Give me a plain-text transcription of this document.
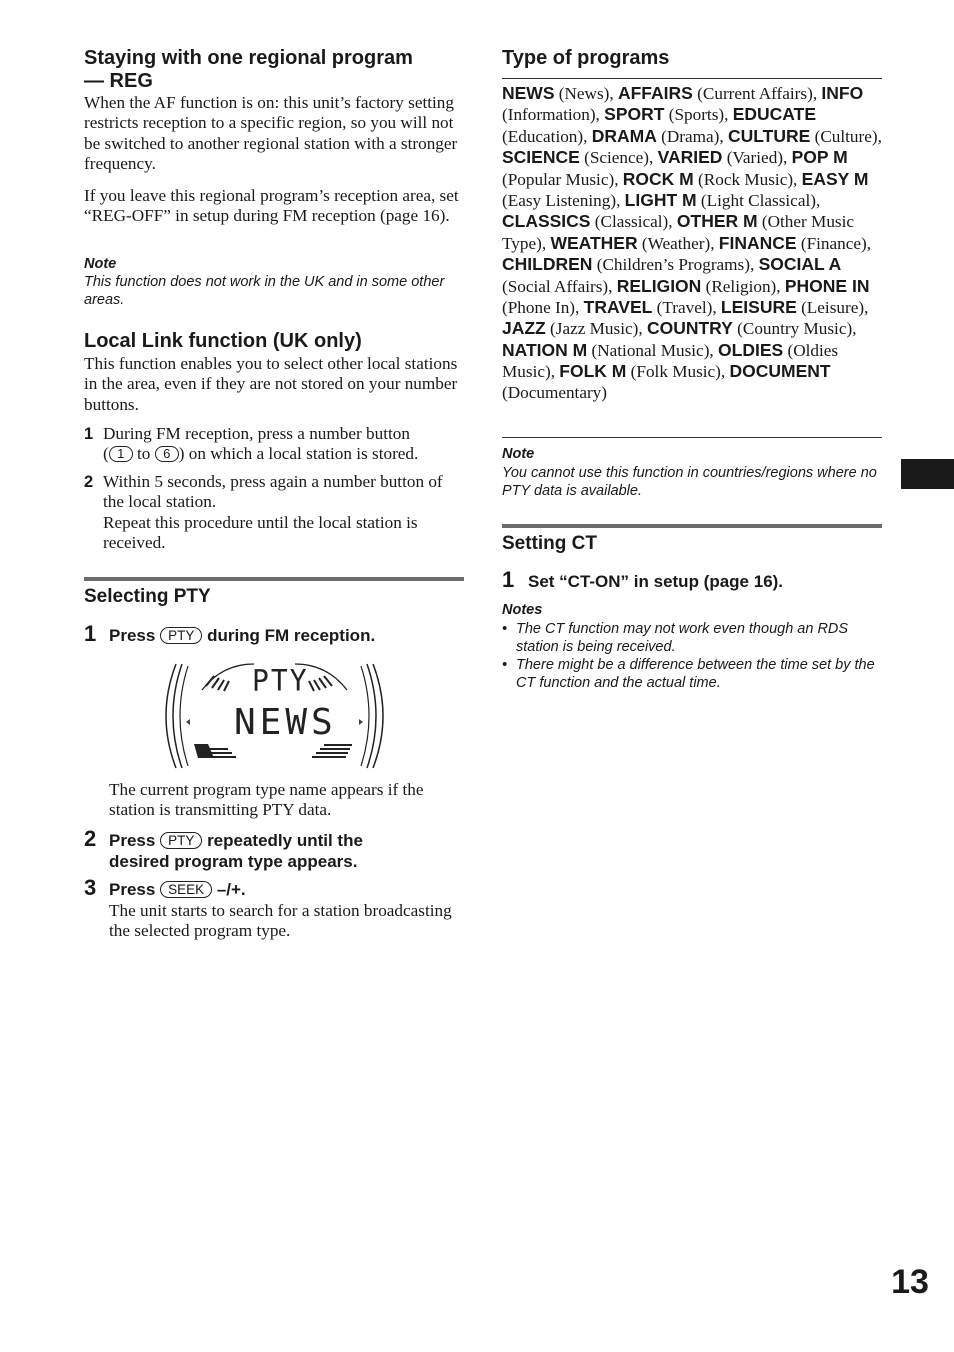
Staying with one regional program
— REG
When the AF function is on: this unit’s factory setting restricts reception to a specific region, so you will not be switched to another regional station with a stronger frequency.
If you leave this regional program’s reception area, set “REG-OFF” in setup during FM reception (page 16).
Note
This function does not work in the UK and in some other areas.
Local Link function (UK only)
This function enables you to select other local stations in the area, even if they are not stored on your number buttons.
1 During FM reception, press a number button
( 1 to 6 ) on which a local station is stored.
2 Within 5 seconds, press again a number button of the local station.
Repeat this procedure until the local station is received.
Selecting PTY
1 Press PTY during FM reception.
PTY
NEWS
The current program type name appears if the station is transmitting PTY data.
2 Press PTY repeatedly until the
desired program type appears.
3 Press SEEK –/+.
The unit starts to search for a station broadcasting the selected program type.
Type of programs
NEWS (News), AFFAIRS (Current Affairs), INFO (Information), SPORT (Sports), EDUCATE (Education), DRAMA (Drama), CULTURE (Culture), SCIENCE (Science), VARIED (Varied), POP M (Popular Music), ROCK M (Rock Music), EASY M (Easy Listening), LIGHT M (Light Classical), CLASSICS (Classical), OTHER M (Other Music Type), WEATHER (Weather), FINANCE (Finance), CHILDREN (Children’s Programs), SOCIAL A (Social Affairs), RELIGION (Religion), PHONE IN (Phone In), TRAVEL (Travel), LEISURE (Leisure), JAZZ (Jazz Music), COUNTRY (Country Music), NATION M (National Music), OLDIES (Oldies Music), FOLK M (Folk Music), DOCUMENT (Documentary)
Note
You cannot use this function in countries/regions where no PTY data is available.
Setting CT
1 Set “CT-ON” in setup (page 16).
Notes
• The CT function may not work even though an RDS station is being received.
• There might be a difference between the time set by the CT function and the actual time.
13
